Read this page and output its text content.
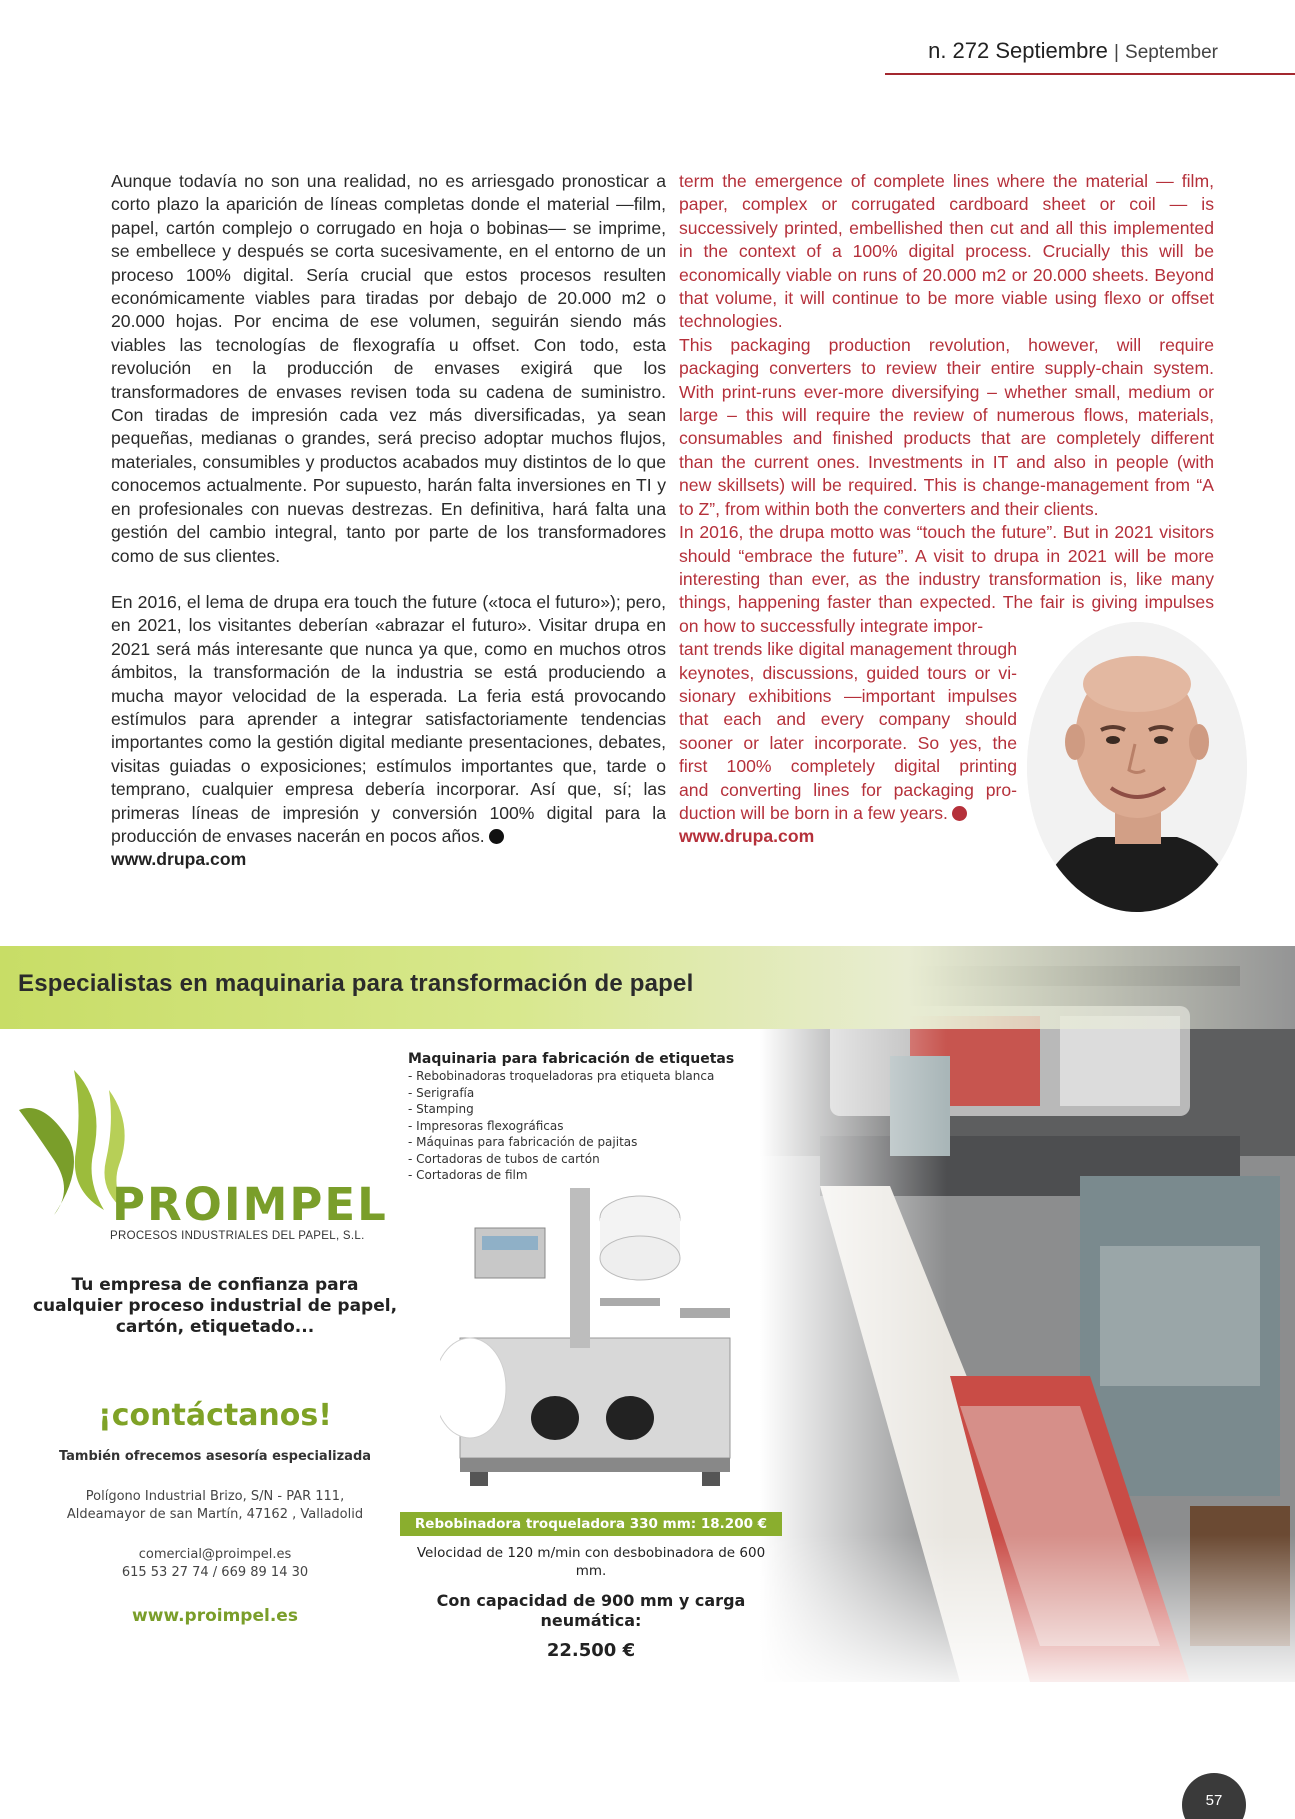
n. 272 Septiembre | September

Aunque todavía no son una realidad, no es arriesgado pronosticar a corto plazo la aparición de líneas completas donde el material —film, papel, cartón complejo o corrugado en hoja o bobinas— se imprime, se embellece y después se corta sucesivamente, en el entorno de un proceso 100% digital. Sería crucial que estos procesos resulten económicamente viables para tiradas por debajo de 20.000 m2 o 20.000 hojas. Por encima de ese volumen, seguirán siendo más viables las tecnologías de flexografía u offset. Con todo, esta revolución en la producción de envases exigirá que los transformadores de envases revisen toda su cadena de suministro. Con tiradas de impresión cada vez más diversificadas, ya sean pequeñas, medianas o grandes, será preciso adoptar muchos flujos, materiales, consumibles y productos acabados muy distintos de lo que conocemos actualmente. Por supuesto, harán falta inversiones en TI y en profesionales con nuevas destrezas. En definitiva, hará falta una gestión del cambio integral, tanto por parte de los transformadores como de sus clientes.

En 2016, el lema de drupa era touch the future («toca el futuro»); pero, en 2021, los visitantes deberían «abrazar el futuro». Visitar drupa en 2021 será más interesante que nunca ya que, como en muchos otros ámbitos, la transformación de la industria se está produciendo a mucha mayor velocidad de la esperada. La feria está provocando estímulos para aprender a integrar satisfactoriamente tendencias importantes como la gestión digital mediante presentaciones, debates, visitas guiadas o exposiciones; estímulos importantes que, tarde o temprano, cualquier empresa debería incorporar. Así que, sí; las primeras líneas de impresión y conversión 100% digital para la producción de envases nacerán en pocos años.

www.drupa.com

term the emergence of complete lines where the material — film, paper, complex or corrugated cardboard sheet or coil — is successively printed, embellished then cut and all this implemented in the context of a 100% digital process. Crucially this will be economically viable on runs of 20.000 m2 or 20.000 sheets. Beyond that volume, it will continue to be more viable using flexo or offset technologies.

This packaging production revolution, however, will require packaging converters to review their entire supply-chain system. With print-runs ever-more diversifying – whether small, medium or large – this will require the review of numerous flows, materials, consumables and finished products that are completely different than the current ones. Investments in IT and also in people (with new skillsets) will be required. This is change-management from “A to Z”, from within both the converters and their clients.

In 2016, the drupa motto was “touch the future”. But in 2021 visitors should “embrace the future”. A visit to drupa in 2021 will be more interesting than ever, as the industry transformation is, like many things, happening faster than expected. The fair is giving impulses on how to successfully integrate impor-

tant trends like digital management through
keynotes, discussions, guided tours or vi-
sionary exhibitions —important impulses
that each and every company should
sooner or later incorporate. So yes, the
first 100% completely digital printing
and converting lines for packaging pro-
duction will be born in a few years.
www.drupa.com
Especialistas en maquinaria para transformación de papel
PROIMPEL
PROCESOS INDUSTRIALES DEL PAPEL, S.L.
Tu empresa de confianza para cualquier proceso industrial de papel, cartón, etiquetado...
¡contáctanos!
También ofrecemos asesoría especializada
Polígono Industrial Brizo, S/N - PAR 111,
Aldeamayor de san Martín, 47162 , Valladolid
comercial@proimpel.es
615 53 27 74 / 669 89 14 30
www.proimpel.es
Maquinaria para fabricación de etiquetas
- Rebobinadoras troqueladoras pra etiqueta blanca
- Serigrafía
- Stamping
- Impresoras flexográficas
- Máquinas para fabricación de pajitas
- Cortadoras de tubos de cartón
- Cortadoras de film
Rebobinadora troqueladora 330 mm: 18.200 €
Velocidad de 120 m/min con desbobinadora de 600 mm.
Con capacidad de 900 mm y carga neumática:
22.500 €
57
